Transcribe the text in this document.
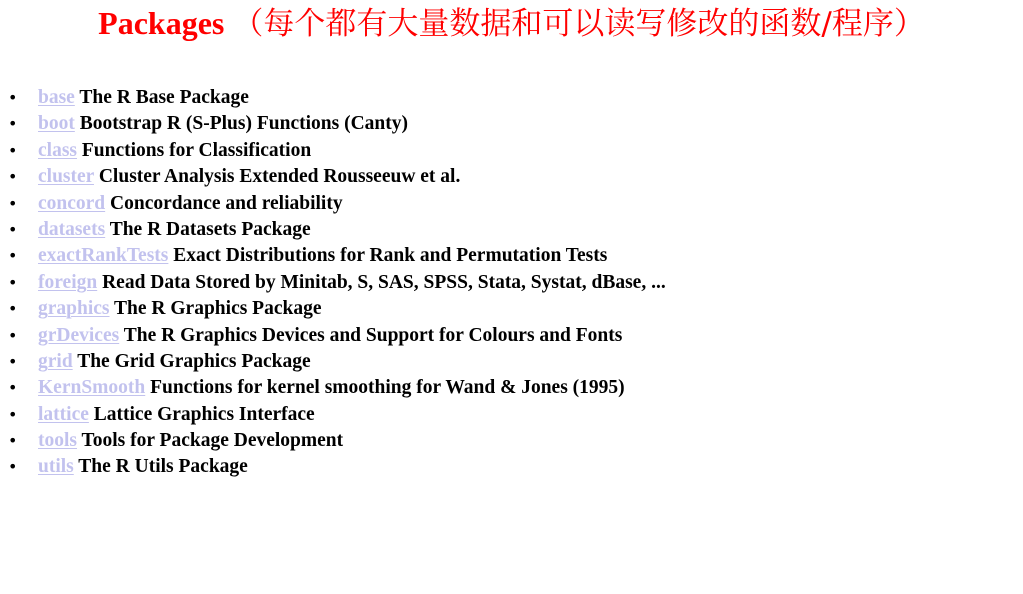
Packages （每个都有大量数据和可以读写修改的函数/程序）
• base The R Base Package
• boot Bootstrap R (S-Plus) Functions (Canty)
• class Functions for Classification
• cluster Cluster Analysis Extended Rousseeuw et al.
• concord Concordance and reliability
• datasets The R Datasets Package
• exactRankTests Exact Distributions for Rank and Permutation Tests
• foreign Read Data Stored by Minitab, S, SAS, SPSS, Stata, Systat, dBase, ...
• graphics The R Graphics Package
• grDevices The R Graphics Devices and Support for Colours and Fonts
• grid The Grid Graphics Package
• KernSmooth Functions for kernel smoothing for Wand & Jones (1995)
• lattice Lattice Graphics Interface
• tools Tools for Package Development
• utils The R Utils Package
